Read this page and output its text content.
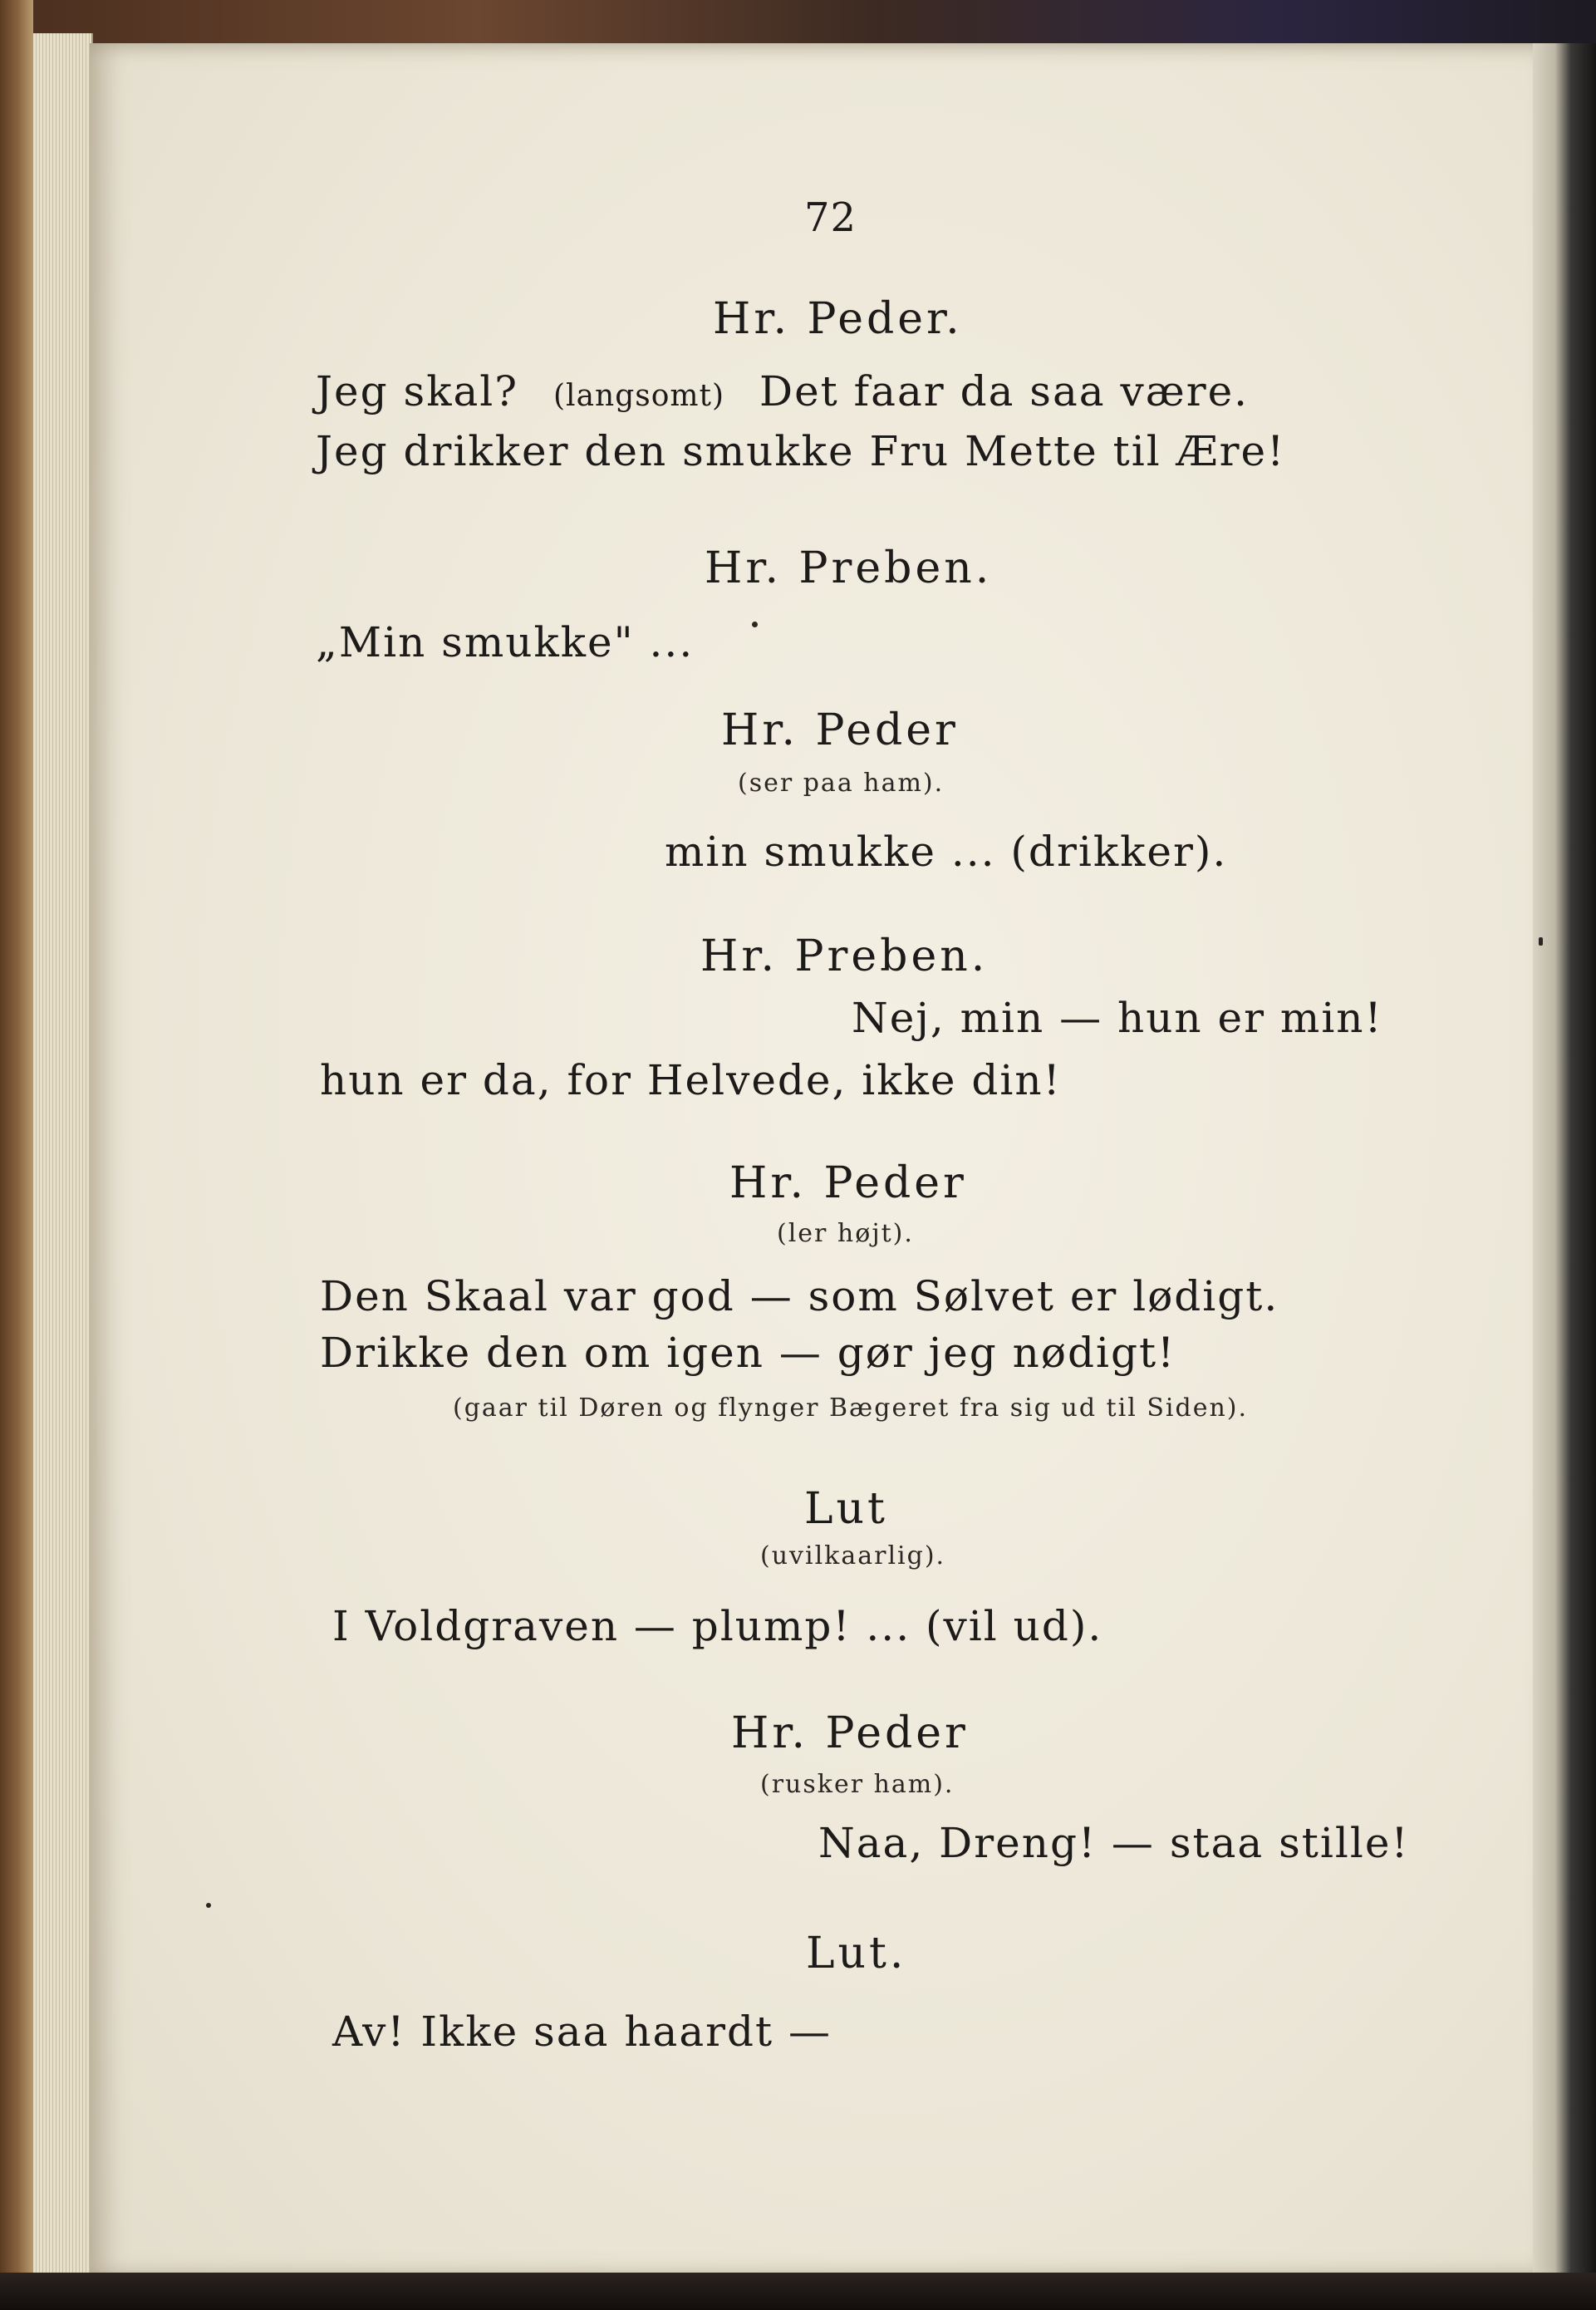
72
Hr. Peder.
Jeg skal? (langsomt) Det faar da saa være.
Jeg drikker den smukke Fru Mette til Ære!
Hr. Preben.
„Min smukke" ...
Hr. Peder
(ser paa ham).
min smukke ... (drikker).
Hr. Preben.
Nej, min — hun er min!
hun er da, for Helvede, ikke din!
Hr. Peder
(ler højt).
Den Skaal var god — som Sølvet er lødigt.
Drikke den om igen — gør jeg nødigt!
(gaar til Døren og flynger Bægeret fra sig ud til Siden).
Lut
(uvilkaarlig).
I Voldgraven — plump! ... (vil ud).
Hr. Peder
(rusker ham).
Naa, Dreng! — staa stille!
Lut.
Av! Ikke saa haardt —
